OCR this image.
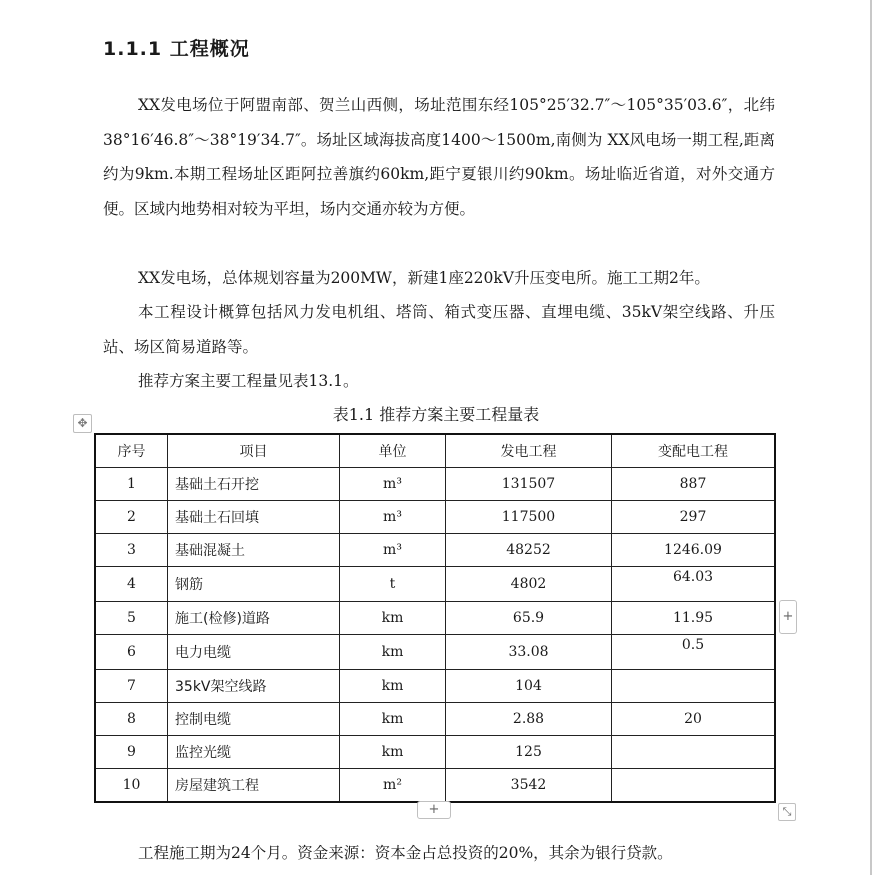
1.1.1 工程概况

XX发电场位于阿盟南部、贺兰山西侧，场址范围东经105°25′32.7″～105°35′03.6″，北纬38°16′46.8″～38°19′34.7″。场址区域海拔高度1400～1500m,南侧为 XX风电场一期工程,距离约为9km.本期工程场址区距阿拉善旗约60km,距宁夏银川约90km。场址临近省道，对外交通方便。区域内地势相对较为平坦，场内交通亦较为方便。

XX发电场，总体规划容量为200MW，新建1座220kV升压变电所。施工工期2年。

本工程设计概算包括风力发电机组、塔筒、箱式变压器、直埋电缆、35kV架空线路、升压站、场区简易道路等。

推荐方案主要工程量见表13.1。

表1.1 推荐方案主要工程量表
✥
序号	项目	单位	发电工程	变配电工程
1	基础土石开挖	m³	131507	887
2	基础土石回填	m³	117500	297
3	基础混凝土	m³	48252	1246.09
4	钢筋	t	4802	64.03
5	施工(检修)道路	km	65.9	11.95
6	电力电缆	km	33.08	0.5
7	35kV架空线路	km	104	
8	控制电缆	km	2.88	20
9	监控光缆	km	125	
10	房屋建筑工程	m²	3542	
+
+	⤡

工程施工期为24个月。资金来源：资本金占总投资的20%，其余为银行贷款。
